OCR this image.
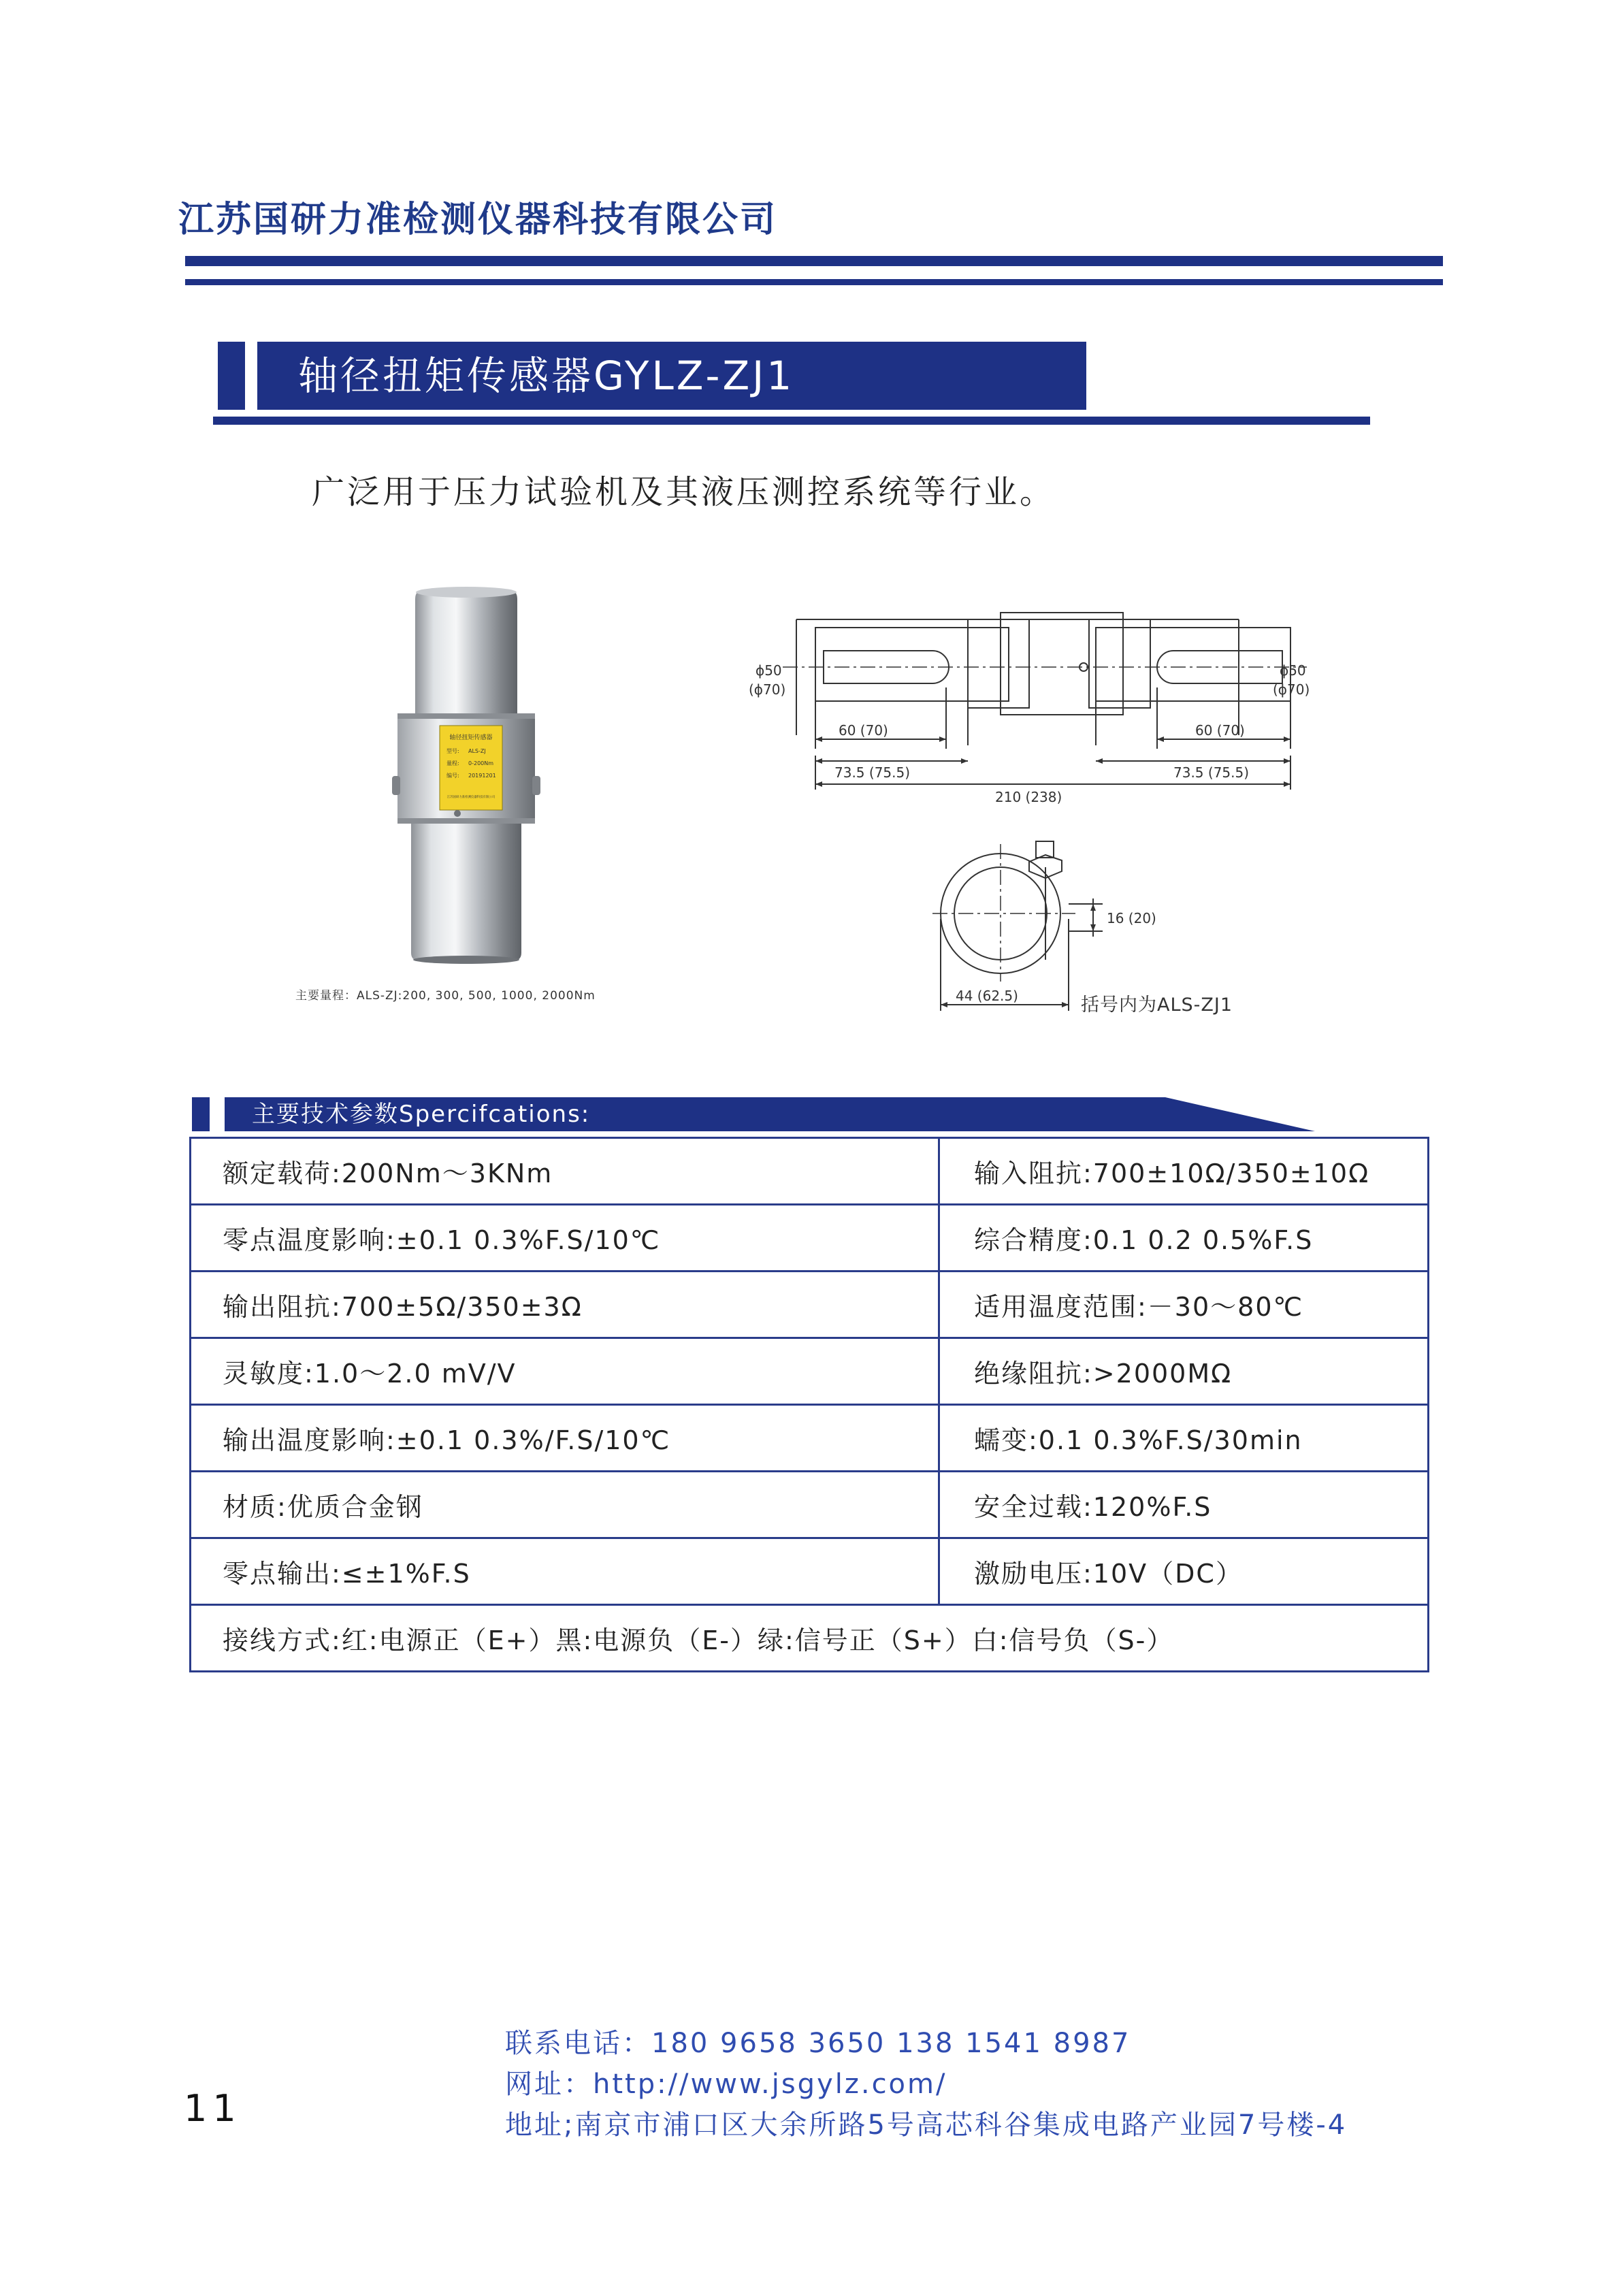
江苏国研力准检测仪器科技有限公司
轴径扭矩传感器GYLZ-ZJ1
广泛用于压力试验机及其液压测控系统等行业。
轴径扭矩传感器
型号: ALS-ZJ
量程: 0-200Nm
编号: 20191201
江苏国研力准检测仪器科技有限公司
主要量程：ALS-ZJ:200, 300, 500, 1000, 2000Nm
ϕ50
(ϕ70)
ϕ50
(ϕ70)
60 (70)
73.5 (75.5)
60 (70)
73.5 (75.5)
210 (238)
16 (20)
44 (62.5)	括号内为ALS-ZJ1
主要技术参数Spercifcations:
额定载荷:200Nm～3KNm	输入阻抗:700±10Ω/350±10Ω
零点温度影响:±0.1 0.3%F.S/10℃	综合精度:0.1 0.2 0.5%F.S
输出阻抗:700±5Ω/350±3Ω	适用温度范围:－30～80℃
灵敏度:1.0～2.0 mV/V	绝缘阻抗:>2000MΩ
输出温度影响:±0.1 0.3%/F.S/10℃	蠕变:0.1 0.3%F.S/30min
材质:优质合金钢	安全过载:120%F.S
零点输出:≤±1%F.S	激励电压:10V（DC）
接线方式:红:电源正（E+）黑:电源负（E-）绿:信号正（S+）白:信号负（S-）	
联系电话：180 9658 3650 138 1541 8987
网址：http://www.jsgylz.com/
地址;南京市浦口区大余所路5号高芯科谷集成电路产业园7号楼-4
11
